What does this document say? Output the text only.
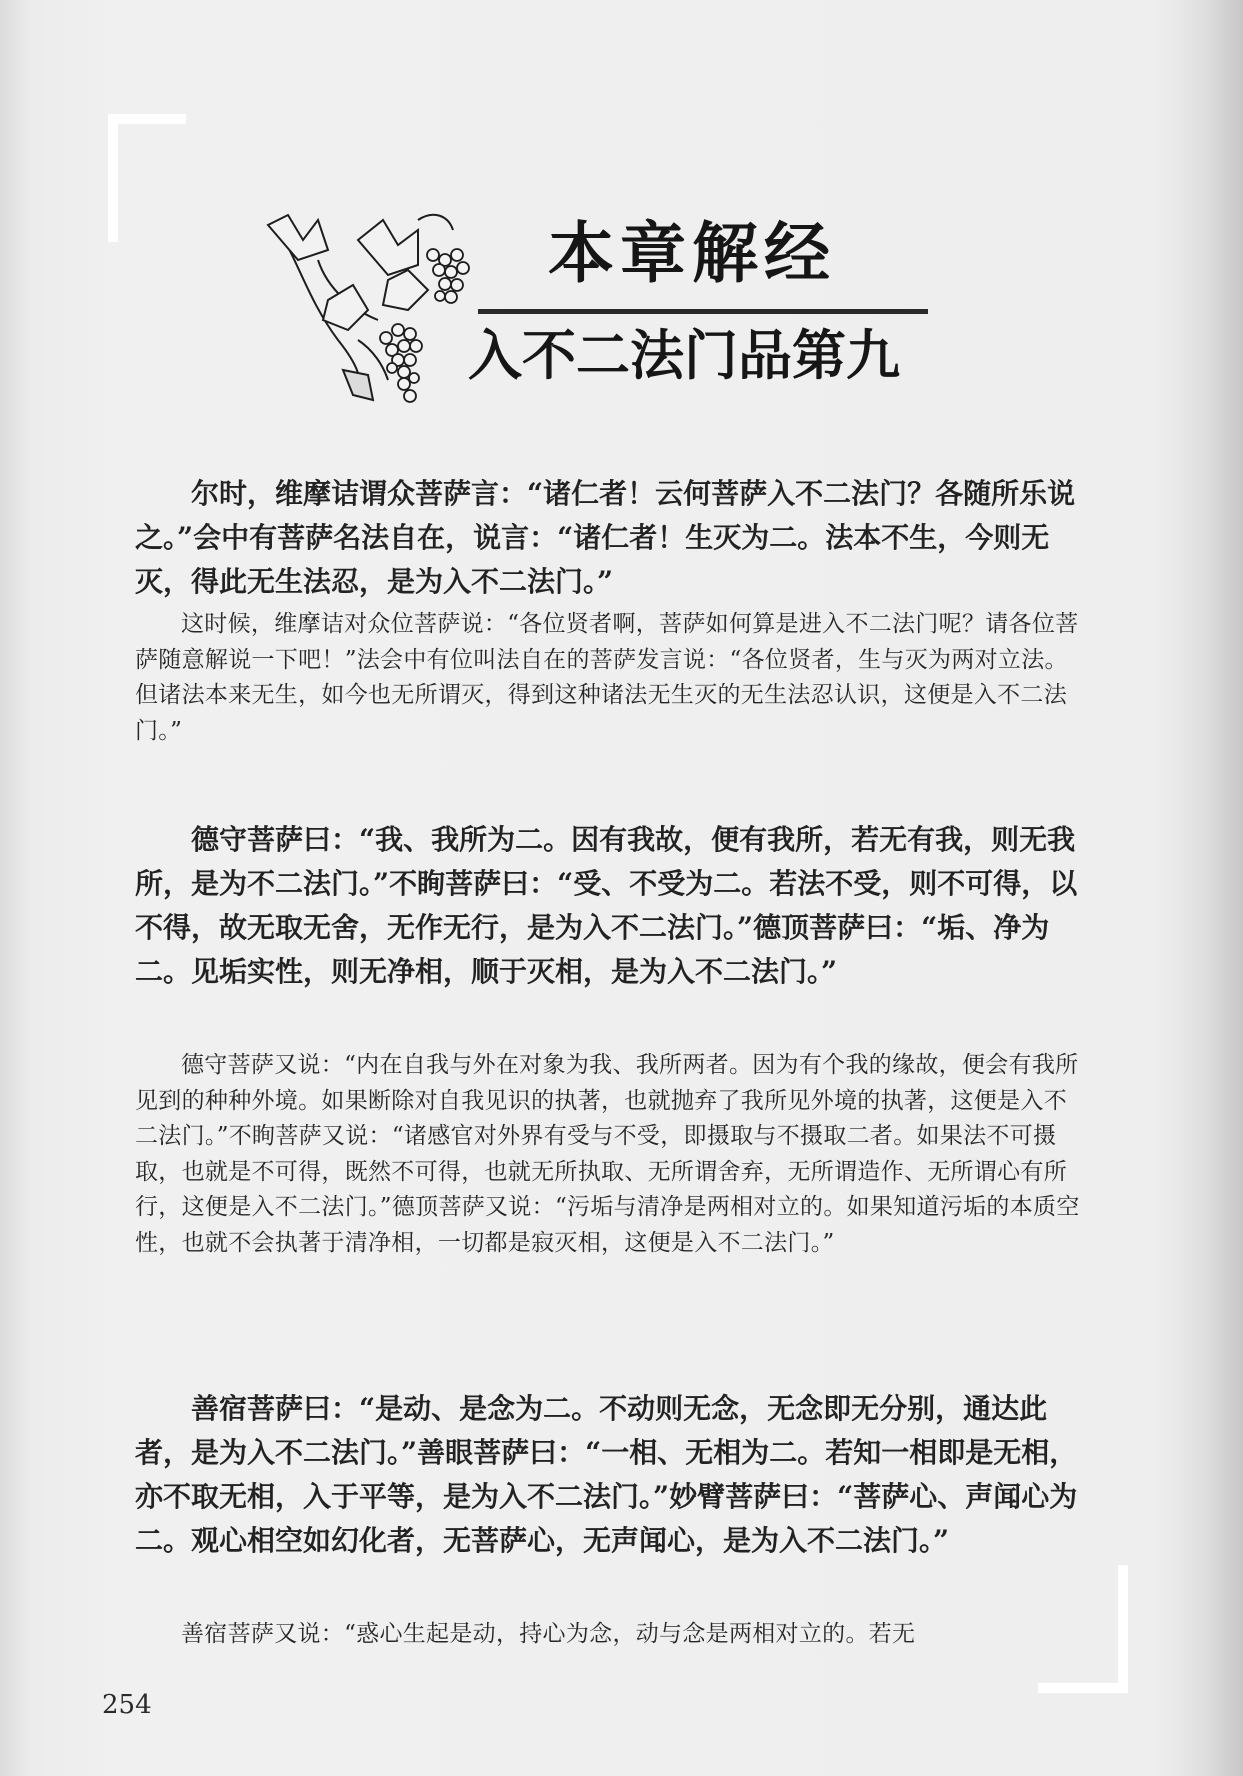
本章解经
入不二法门品第九

尔时，维摩诘谓众菩萨言：“诸仁者！云何菩萨入不二法门？各随所乐说之。”会中有菩萨名法自在，说言：“诸仁者！生灭为二。法本不生，今则无灭，得此无生法忍，是为入不二法门。”

这时候，维摩诘对众位菩萨说：“各位贤者啊，菩萨如何算是进入不二法门呢？请各位菩萨随意解说一下吧！”法会中有位叫法自在的菩萨发言说：“各位贤者，生与灭为两对立法。但诸法本来无生，如今也无所谓灭，得到这种诸法无生灭的无生法忍认识，这便是入不二法门。”

德守菩萨曰：“我、我所为二。因有我故，便有我所，若无有我，则无我所，是为不二法门。”不眴菩萨曰：“受、不受为二。若法不受，则不可得，以不得，故无取无舍，无作无行，是为入不二法门。”德顶菩萨曰：“垢、净为二。见垢实性，则无净相，顺于灭相，是为入不二法门。”

德守菩萨又说：“内在自我与外在对象为我、我所两者。因为有个我的缘故，便会有我所见到的种种外境。如果断除对自我见识的执著，也就抛弃了我所见外境的执著，这便是入不二法门。”不眴菩萨又说：“诸感官对外界有受与不受，即摄取与不摄取二者。如果法不可摄取，也就是不可得，既然不可得，也就无所执取、无所谓舍弃，无所谓造作、无所谓心有所行，这便是入不二法门。”德顶菩萨又说：“污垢与清净是两相对立的。如果知道污垢的本质空性，也就不会执著于清净相，一切都是寂灭相，这便是入不二法门。”

善宿菩萨曰：“是动、是念为二。不动则无念，无念即无分别，通达此者，是为入不二法门。”善眼菩萨曰：“一相、无相为二。若知一相即是无相，亦不取无相，入于平等，是为入不二法门。”妙臂菩萨曰：“菩萨心、声闻心为二。观心相空如幻化者，无菩萨心，无声闻心，是为入不二法门。”

善宿菩萨又说：“惑心生起是动，持心为念，动与念是两相对立的。若无

254
